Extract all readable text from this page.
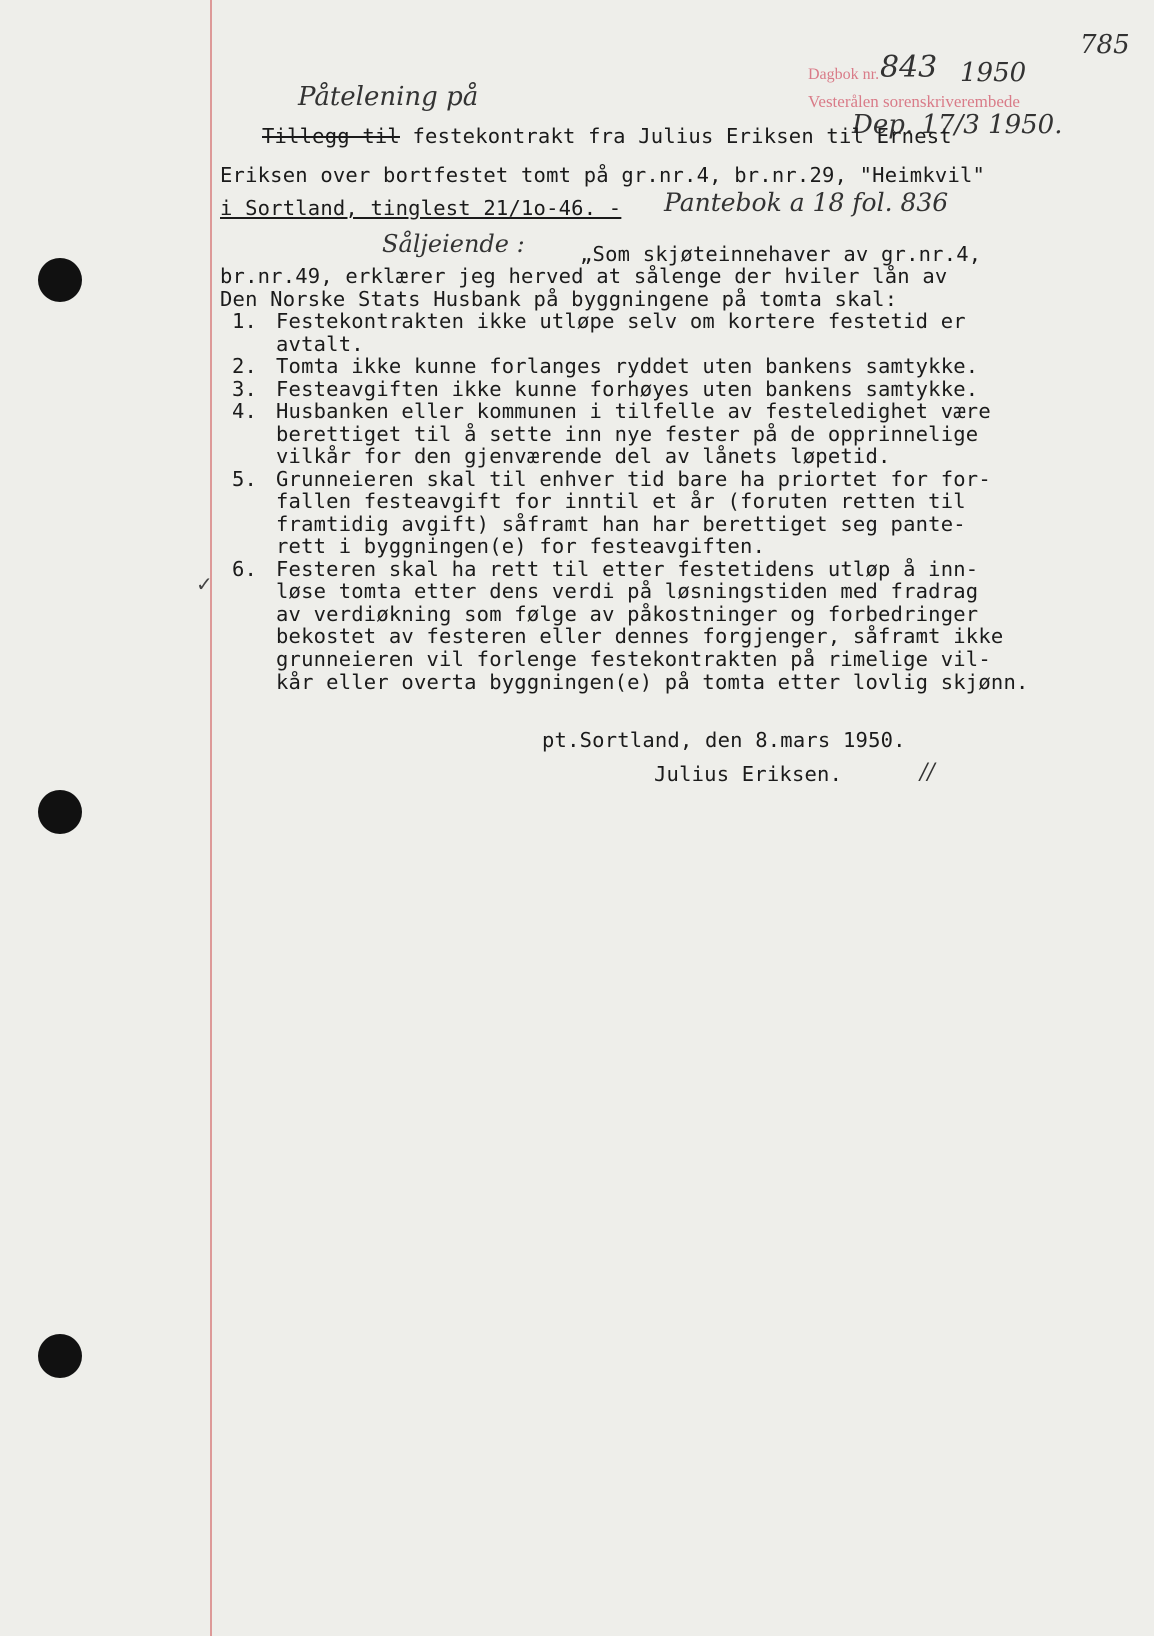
785
Dagbok nr. 843 1950
Vesterålen sorenskriverembede
Dep. 17/3 1950.
Påtelening på
Tillegg til festekontrakt fra Julius Eriksen til Ernest
Eriksen over bortfestet tomt på gr.nr.4, br.nr.29, "Heimkvil"
i Sortland, tinglest 21/1o-46. - Pantebok a 18 fol. 836
Såljeiende :	„Som skjøteinnehaver av gr.nr.4,
br.nr.49, erklærer jeg herved at sålenge der hviler lån av
Den Norske Stats Husbank på byggningene på tomta skal:
1. Festekontrakten ikke utløpe selv om kortere festetid er
avtalt.
2. Tomta ikke kunne forlanges ryddet uten bankens samtykke.
3. Festeavgiften ikke kunne forhøyes uten bankens samtykke.
4. Husbanken eller kommunen i tilfelle av festeledighet være
berettiget til å sette inn nye fester på de opprinnelige
vilkår for den gjenværende del av lånets løpetid.
5. Grunneieren skal til enhver tid bare ha priortet for for-
fallen festeavgift for inntil et år (foruten retten til
framtidig avgift) såframt han har berettiget seg pante-
rett i byggningen(e) for festeavgiften.
6. Festeren skal ha rett til etter festetidens utløp å inn-
løse tomta etter dens verdi på løsningstiden med fradrag
av verdiøkning som følge av påkostninger og forbedringer
bekostet av festeren eller dennes forgjenger, såframt ikke
grunneieren vil forlenge festekontrakten på rimelige vil-
kår eller overta byggningen(e) på tomta etter lovlig skjønn.
✓
pt.Sortland, den 8.mars 1950.
Julius Eriksen.	//
